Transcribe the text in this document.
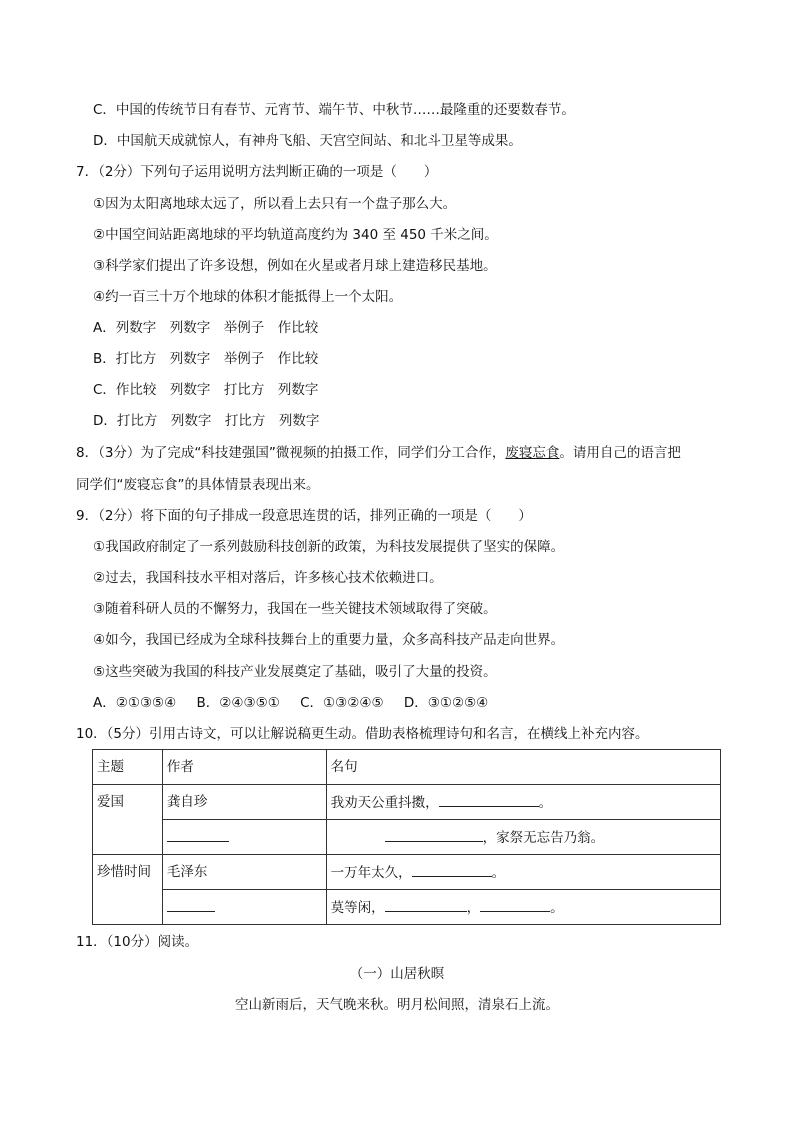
C．中国的传统节日有春节、元宵节、端午节、中秋节……最隆重的还要数春节。
D．中国航天成就惊人，有神舟飞船、天宫空间站、和北斗卫星等成果。
7．（2分）下列句子运用说明方法判断正确的一项是（　　）
①因为太阳离地球太远了，所以看上去只有一个盘子那么大。
②中国空间站距离地球的平均轨道高度约为 340 至 450 千米之间。
③科学家们提出了许多设想，例如在火星或者月球上建造移民基地。
④约一百三十万个地球的体积才能抵得上一个太阳。
A．列数字　列数字　举例子　作比较
B．打比方　列数字　举例子　作比较
C．作比较　列数字　打比方　列数字
D．打比方　列数字　打比方　列数字
8．（3分）为了完成“科技建强国”微视频的拍摄工作，同学们分工合作，废寝忘食。请用自己的语言把
同学们“废寝忘食”的具体情景表现出来。
9．（2分）将下面的句子排成一段意思连贯的话，排列正确的一项是（　　）
①我国政府制定了一系列鼓励科技创新的政策，为科技发展提供了坚实的保障。
②过去，我国科技水平相对落后，许多核心技术依赖进口。
③随着科研人员的不懈努力，我国在一些关键技术领域取得了突破。
④如今，我国已经成为全球科技舞台上的重要力量，众多高科技产品走向世界。
⑤这些突破为我国的科技产业发展奠定了基础，吸引了大量的投资。
A．②①③⑤④ B．②④③⑤① C．①③②④⑤ D．③①②⑤④
10．（5分）引用古诗文，可以让解说稿更生动。借助表格梳理诗句和名言，在横线上补充内容。
主题	作者	名句
爱国	龚自珍	我劝天公重抖擞， 。
		，家祭无忘告乃翁。
珍惜时间	毛泽东	一万年太久， 。
		莫等闲， ， 。
11．（10分）阅读。
（一）山居秋暝
空山新雨后，天气晚来秋。明月松间照，清泉石上流。
